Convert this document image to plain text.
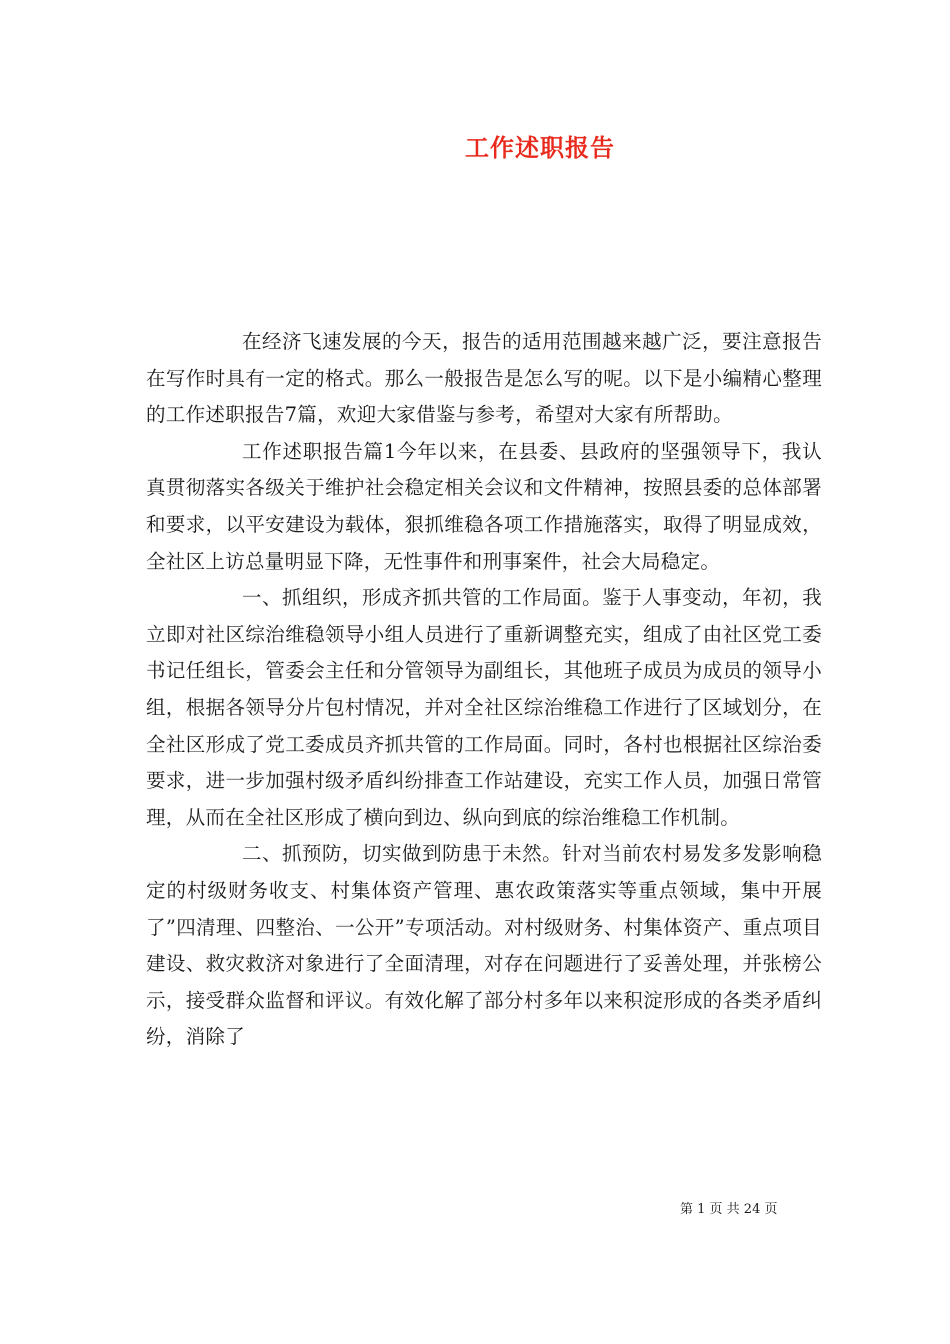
工作述职报告

在经济飞速发展的今天，报告的适用范围越来越广泛，要注意报告在写作时具有一定的格式。那么一般报告是怎么写的呢。以下是小编精心整理的工作述职报告7篇，欢迎大家借鉴与参考，希望对大家有所帮助。

工作述职报告篇1今年以来，在县委、县政府的坚强领导下，我认真贯彻落实各级关于维护社会稳定相关会议和文件精神，按照县委的总体部署和要求，以平安建设为载体，狠抓维稳各项工作措施落实，取得了明显成效，全社区上访总量明显下降，无性事件和刑事案件，社会大局稳定。

一、抓组织，形成齐抓共管的工作局面。鉴于人事变动，年初，我立即对社区综治维稳领导小组人员进行了重新调整充实，组成了由社区党工委书记任组长，管委会主任和分管领导为副组长，其他班子成员为成员的领导小组，根据各领导分片包村情况，并对全社区综治维稳工作进行了区域划分，在全社区形成了党工委成员齐抓共管的工作局面。同时，各村也根据社区综治委要求，进一步加强村级矛盾纠纷排查工作站建设，充实工作人员，加强日常管理，从而在全社区形成了横向到边、纵向到底的综治维稳工作机制。

二、抓预防，切实做到防患于未然。针对当前农村易发多发影响稳定的村级财务收支、村集体资产管理、惠农政策落实等重点领域，集中开展了”四清理、四整治、一公开”专项活动。对村级财务、村集体资产、重点项目建设、救灾救济对象进行了全面清理，对存在问题进行了妥善处理，并张榜公示，接受群众监督和评议。有效化解了部分村多年以来积淀形成的各类矛盾纠纷，消除了

第 1 页 共 24 页
